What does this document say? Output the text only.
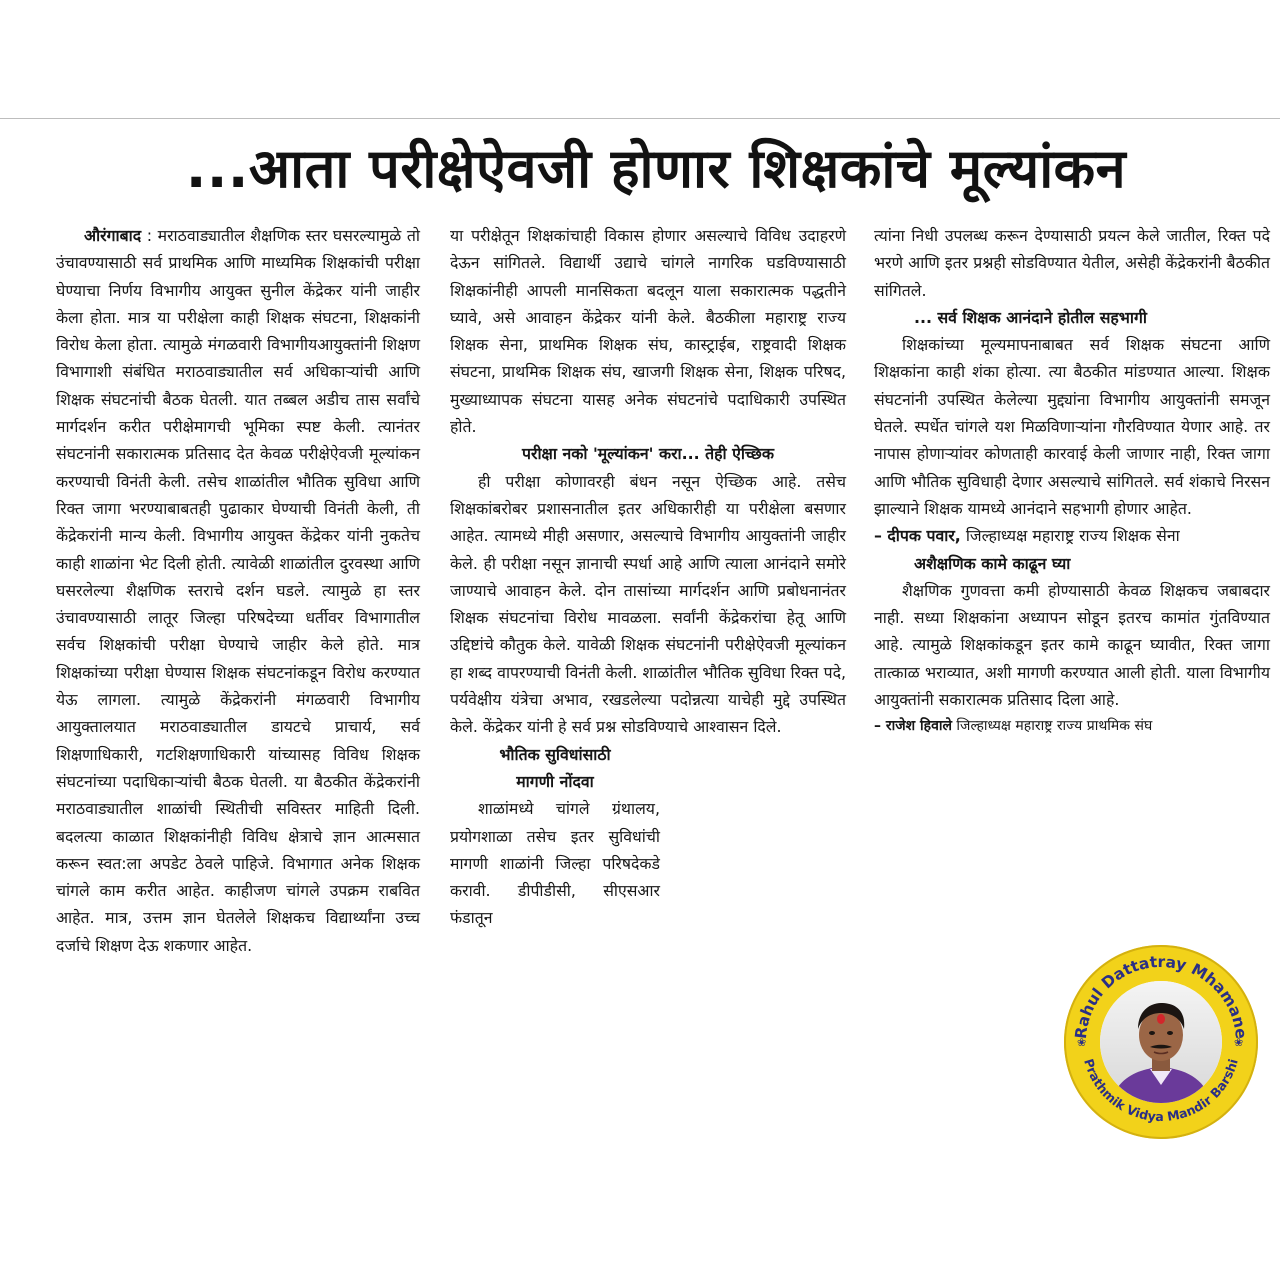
...आता परीक्षेऐवजी होणार शिक्षकांचे मूल्यांकन

औरंगाबाद : मराठवाड्यातील शैक्षणिक स्तर घसरल्यामुळे तो उंचावण्यासाठी सर्व प्राथमिक आणि माध्यमिक शिक्षकांची परीक्षा घेण्याचा निर्णय विभागीय आयुक्त सुनील केंद्रेकर यांनी जाहीर केला होता. मात्र या परीक्षेला काही शिक्षक संघटना, शिक्षकांनी विरोध केला होता. त्यामुळे मंगळवारी विभागीयआयुक्तांनी शिक्षण विभागाशी संबंधित मराठवाड्यातील सर्व अधिकाऱ्यांची आणि शिक्षक संघटनांची बैठक घेतली. यात तब्बल अडीच तास सर्वांचे मार्गदर्शन करीत परीक्षेमागची भूमिका स्पष्ट केली. त्यानंतर संघटनांनी सकारात्मक प्रतिसाद देत केवळ परीक्षेऐवजी मूल्यांकन करण्याची विनंती केली. तसेच शाळांतील भौतिक सुविधा आणि रिक्त जागा भरण्याबाबतही पुढाकार घेण्याची विनंती केली, ती केंद्रेकरांनी मान्य केली. विभागीय आयुक्त केंद्रेकर यांनी नुकतेच काही शाळांना भेट दिली होती. त्यावेळी शाळांतील दुरवस्था आणि घसरलेल्या शैक्षणिक स्तराचे दर्शन घडले. त्यामुळे हा स्तर उंचावण्यासाठी लातूर जिल्हा परिषदेच्या धर्तीवर विभागातील सर्वच शिक्षकांची परीक्षा घेण्याचे जाहीर केले होते. मात्र शिक्षकांच्या परीक्षा घेण्यास शिक्षक संघटनांकडून विरोध करण्यात येऊ लागला. त्यामुळे केंद्रेकरांनी मंगळवारी विभागीय आयुक्तालयात मराठवाड्यातील डायटचे प्राचार्य, सर्व शिक्षणाधिकारी, गटशिक्षणाधिकारी यांच्यासह विविध शिक्षक संघटनांच्या पदाधिकाऱ्यांची बैठक घेतली. या बैठकीत केंद्रेकरांनी मराठवाड्यातील शाळांची स्थितीची सविस्तर माहिती दिली. बदलत्या काळात शिक्षकांनीही विविध क्षेत्राचे ज्ञान आत्मसात करून स्वत:ला अपडेट ठेवले पाहिजे. विभागात अनेक शिक्षक चांगले काम करीत आहेत. काहीजण चांगले उपक्रम राबवित आहेत. मात्र, उत्तम ज्ञान घेतलेले शिक्षकच विद्यार्थ्यांना उच्च दर्जाचे शिक्षण देऊ शकणार आहेत.

या परीक्षेतून शिक्षकांचाही विकास होणार असल्याचे विविध उदाहरणे देऊन सांगितले. विद्यार्थी उद्याचे चांगले नागरिक घडविण्यासाठी शिक्षकांनीही आपली मानसिकता बदलून याला सकारात्मक पद्धतीने घ्यावे, असे आवाहन केंद्रेकर यांनी केले. बैठकीला महाराष्ट्र राज्य शिक्षक सेना, प्राथमिक शिक्षक संघ, कास्ट्राईब, राष्ट्रवादी शिक्षक संघटना, प्राथमिक शिक्षक संघ, खाजगी शिक्षक सेना, शिक्षक परिषद, मुख्याध्यापक संघटना यासह अनेक संघटनांचे पदाधिकारी उपस्थित होते.

परीक्षा नको 'मूल्यांकन' करा... तेही ऐच्छिक

ही परीक्षा कोणावरही बंधन नसून ऐच्छिक आहे. तसेच शिक्षकांबरोबर प्रशासनातील इतर अधिकारीही या परीक्षेला बसणार आहेत. त्यामध्ये मीही असणार, असल्याचे विभागीय आयुक्तांनी जाहीर केले. ही परीक्षा नसून ज्ञानाची स्पर्धा आहे आणि त्याला आनंदाने समोरे जाण्याचे आवाहन केले. दोन तासांच्या मार्गदर्शन आणि प्रबोधनानंतर शिक्षक संघटनांचा विरोध मावळला. सर्वांनी केंद्रेकरांचा हेतू आणि उद्दिष्टांचे कौतुक केले. यावेळी शिक्षक संघटनांनी परीक्षेऐवजी मूल्यांकन हा शब्द वापरण्याची विनंती केली. शाळांतील भौतिक सुविधा रिक्त पदे, पर्यवेक्षीय यंत्रेचा अभाव, रखडलेल्या पदोन्नत्या याचेही मुद्दे उपस्थित केले. केंद्रेकर यांनी हे सर्व प्रश्न सोडविण्याचे आश्वासन दिले.

भौतिक सुविधांसाठी

मागणी नोंदवा

शाळांमध्ये चांगले ग्रंथालय, प्रयोगशाळा तसेच इतर सुविधांची मागणी शाळांनी जिल्हा परिषदेकडे करावी. डीपीडीसी, सीएसआर फंडातून

त्यांना निधी उपलब्ध करून देण्यासाठी प्रयत्न केले जातील, रिक्त पदे भरणे आणि इतर प्रश्नही सोडविण्यात येतील, असेही केंद्रेकरांनी बैठकीत सांगितले.

... सर्व शिक्षक आनंदाने होतील सहभागी

शिक्षकांच्या मूल्यमापनाबाबत सर्व शिक्षक संघटना आणि शिक्षकांना काही शंका होत्या. त्या बैठकीत मांडण्यात आल्या. शिक्षक संघटनांनी उपस्थित केलेल्या मुद्द्यांना विभागीय आयुक्तांनी समजून घेतले. स्पर्धेत चांगले यश मिळविणाऱ्यांना गौरविण्यात येणार आहे. तर नापास होणाऱ्यांवर कोणताही कारवाई केली जाणार नाही, रिक्त जागा आणि भौतिक सुविधाही देणार असल्याचे सांगितले. सर्व शंकाचे निरसन झाल्याने शिक्षक यामध्ये आनंदाने सहभागी होणार आहेत.

– दीपक पवार, जिल्हाध्यक्ष महाराष्ट्र राज्य शिक्षक सेना

अशैक्षणिक कामे काढून घ्या

शैक्षणिक गुणवत्ता कमी होण्यासाठी केवळ शिक्षकच जबाबदार नाही. सध्या शिक्षकांना अध्यापन सोडून इतरच कामांत गुंतविण्यात आहे. त्यामुळे शिक्षकांकडून इतर कामे काढून घ्यावीत, रिक्त जागा तात्काळ भराव्यात, अशी मागणी करण्यात आली होती. याला विभागीय आयुक्तांनी सकारात्मक प्रतिसाद दिला आहे.

– राजेश हिवाले जिल्हाध्यक्ष महाराष्ट्र राज्य प्राथमिक संघ

Rahul Dattatray Mhamane
Prathmik Vidya Mandir Barshi
❀	❀
